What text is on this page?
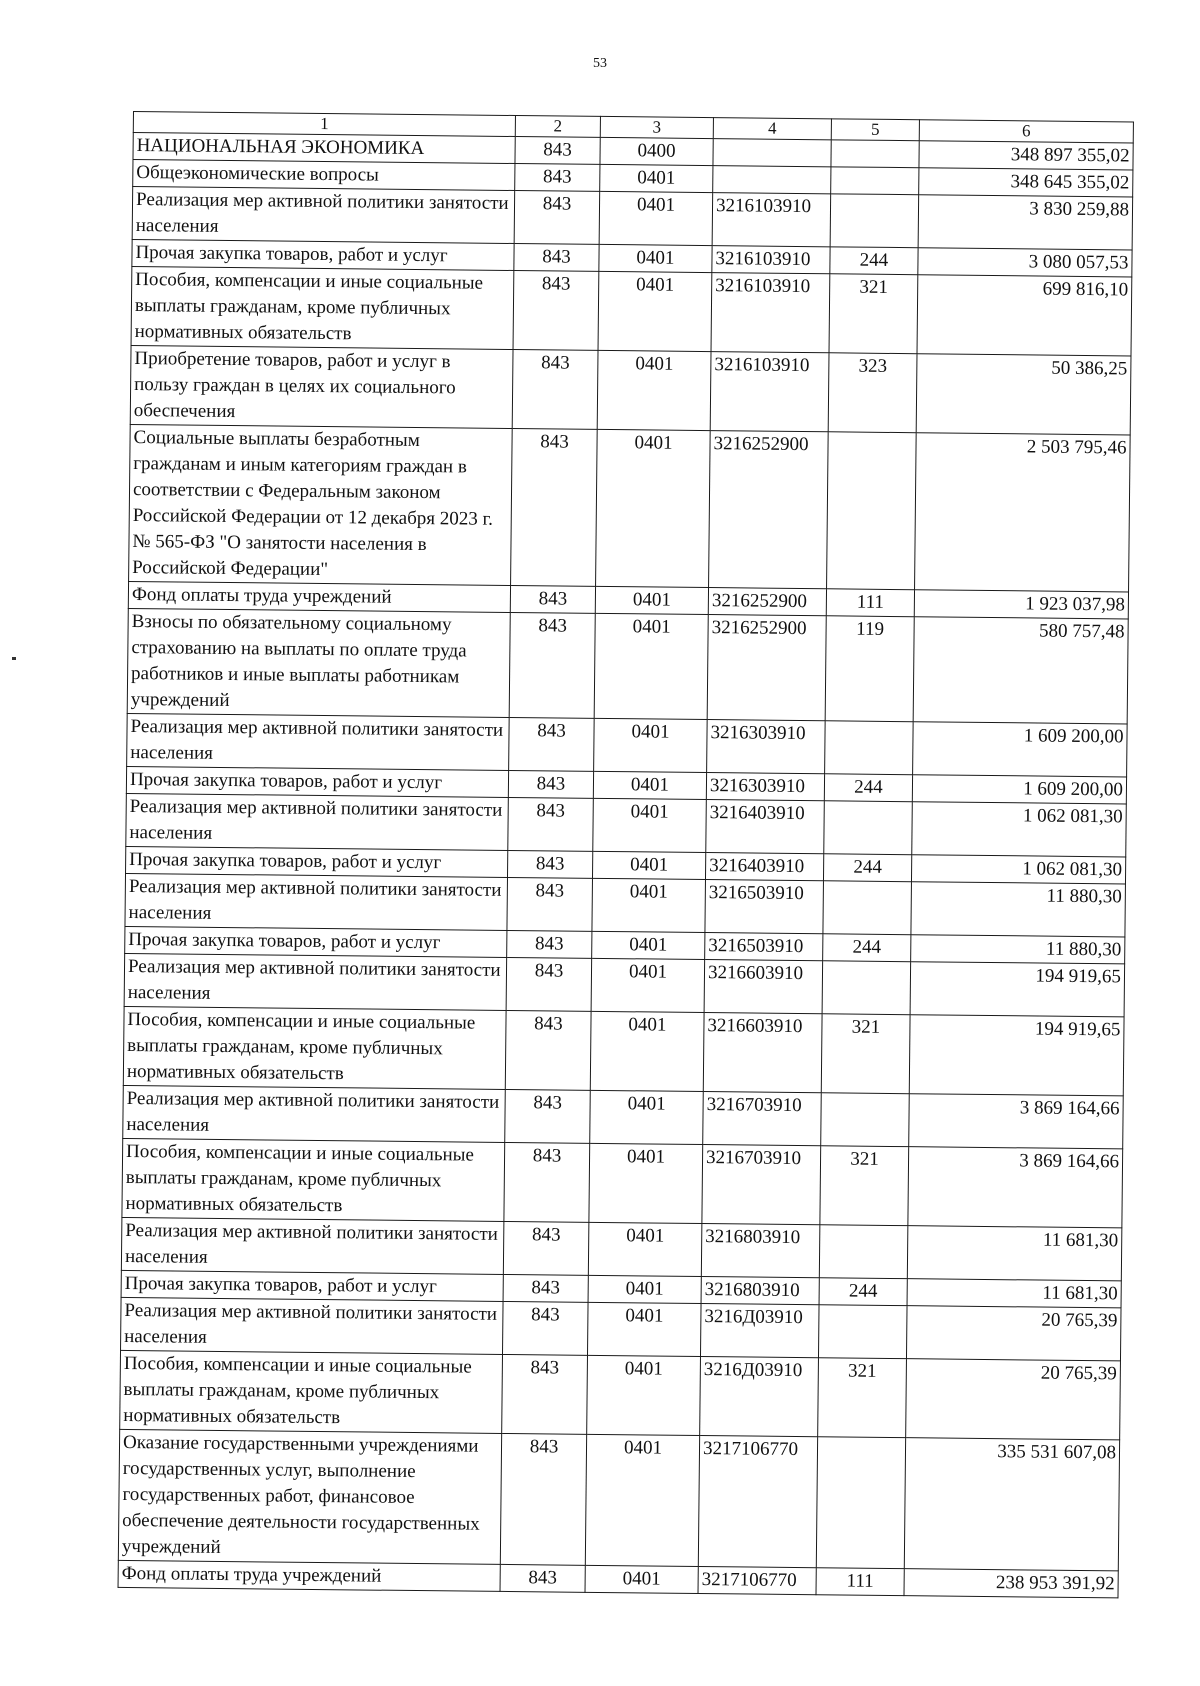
53
1	2	3	4	5	6
НАЦИОНАЛЬНАЯ ЭКОНОМИКА	843	0400			348 897 355,02
Общеэкономические вопросы	843	0401			348 645 355,02
Реализация мер активной политики занятости населения	843	0401	3216103910		3 830 259,88
Прочая закупка товаров, работ и услуг	843	0401	3216103910	244	3 080 057,53
Пособия, компенсации и иные социальные выплаты гражданам, кроме публичных нормативных обязательств	843	0401	3216103910	321	699 816,10
Приобретение товаров, работ и услуг в пользу граждан в целях их социального обеспечения	843	0401	3216103910	323	50 386,25
Социальные выплаты безработным гражданам и иным категориям граждан в соответствии с Федеральным законом Российской Федерации от 12 декабря 2023 г. № 565-ФЗ "О занятости населения в Российской Федерации"	843	0401	3216252900		2 503 795,46
Фонд оплаты труда учреждений	843	0401	3216252900	111	1 923 037,98
Взносы по обязательному социальному страхованию на выплаты по оплате труда работников и иные выплаты работникам учреждений	843	0401	3216252900	119	580 757,48
Реализация мер активной политики занятости населения	843	0401	3216303910		1 609 200,00
Прочая закупка товаров, работ и услуг	843	0401	3216303910	244	1 609 200,00
Реализация мер активной политики занятости населения	843	0401	3216403910		1 062 081,30
Прочая закупка товаров, работ и услуг	843	0401	3216403910	244	1 062 081,30
Реализация мер активной политики занятости населения	843	0401	3216503910		11 880,30
Прочая закупка товаров, работ и услуг	843	0401	3216503910	244	11 880,30
Реализация мер активной политики занятости населения	843	0401	3216603910		194 919,65
Пособия, компенсации и иные социальные выплаты гражданам, кроме публичных нормативных обязательств	843	0401	3216603910	321	194 919,65
Реализация мер активной политики занятости населения	843	0401	3216703910		3 869 164,66
Пособия, компенсации и иные социальные выплаты гражданам, кроме публичных нормативных обязательств	843	0401	3216703910	321	3 869 164,66
Реализация мер активной политики занятости населения	843	0401	3216803910		11 681,30
Прочая закупка товаров, работ и услуг	843	0401	3216803910	244	11 681,30
Реализация мер активной политики занятости населения	843	0401	3216Д03910		20 765,39
Пособия, компенсации и иные социальные выплаты гражданам, кроме публичных нормативных обязательств	843	0401	3216Д03910	321	20 765,39
Оказание государственными учреждениями государственных услуг, выполнение государственных работ, финансовое обеспечение деятельности государственных учреждений	843	0401	3217106770		335 531 607,08
Фонд оплаты труда учреждений	843	0401	3217106770	111	238 953 391,92
